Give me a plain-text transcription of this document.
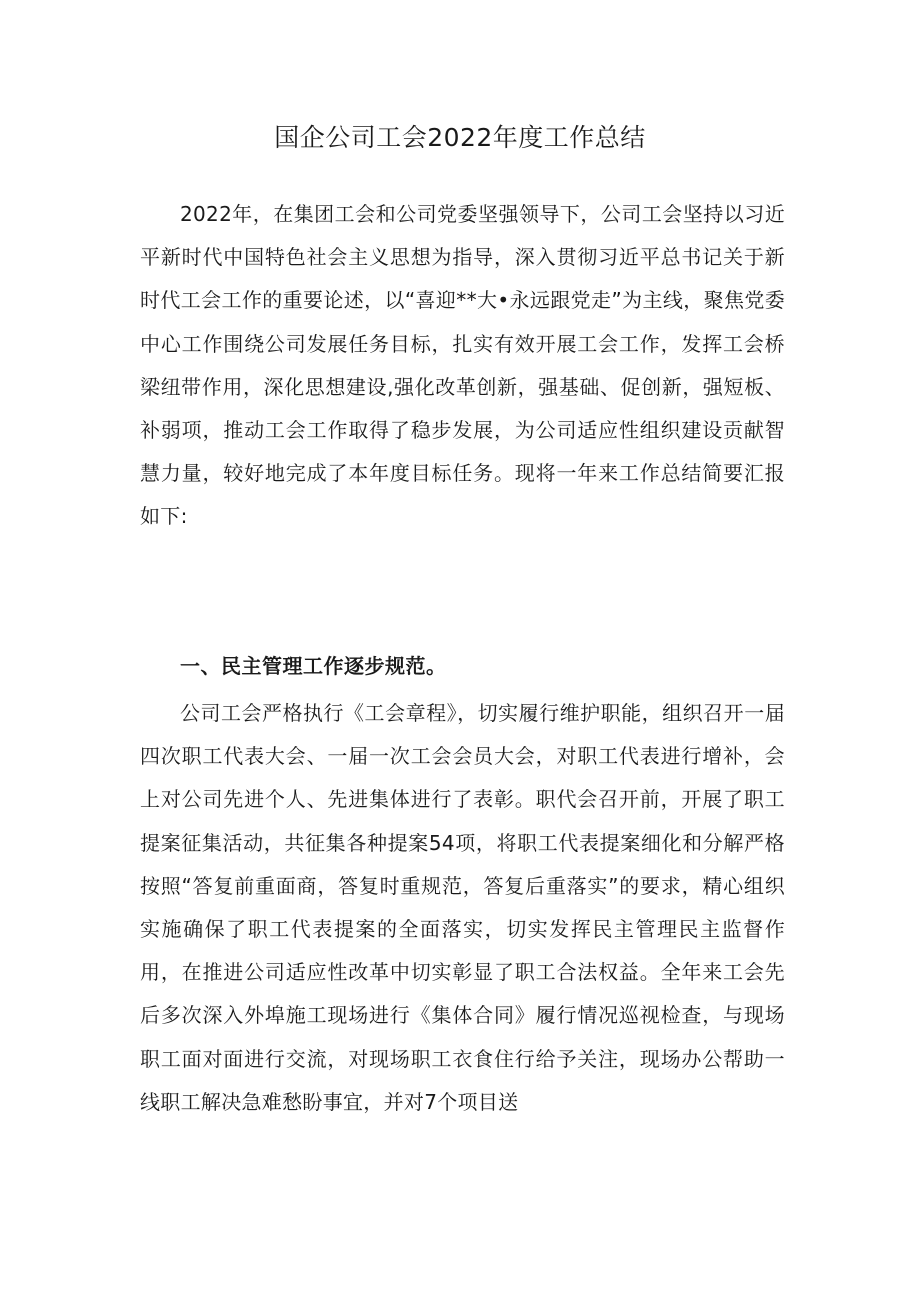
国企公司工会2022年度工作总结

2022年，在集团工会和公司党委坚强领导下，公司工会坚持以习近平新时代中国特色社会主义思想为指导，深入贯彻习近平总书记关于新时代工会工作的重要论述，以“喜迎**大•永远跟党走”为主线，聚焦党委中心工作围绕公司发展任务目标，扎实有效开展工会工作，发挥工会桥梁纽带作用，深化思想建设,强化改革创新，强基础、促创新，强短板、补弱项，推动工会工作取得了稳步发展，为公司适应性组织建设贡献智慧力量，较好地完成了本年度目标任务。现将一年来工作总结简要汇报如下:

一、民主管理工作逐步规范。

公司工会严格执行《工会章程》，切实履行维护职能，组织召开一届四次职工代表大会、一届一次工会会员大会，对职工代表进行增补，会上对公司先进个人、先进集体进行了表彰。职代会召开前，开展了职工提案征集活动，共征集各种提案54项，将职工代表提案细化和分解严格按照“答复前重面商，答复时重规范，答复后重落实”的要求，精心组织实施确保了职工代表提案的全面落实，切实发挥民主管理民主监督作用，在推进公司适应性改革中切实彰显了职工合法权益。全年来工会先后多次深入外埠施工现场进行《集体合同》履行情况巡视检查，与现场职工面对面进行交流，对现场职工衣食住行给予关注，现场办公帮助一线职工解决急难愁盼事宜，并对7个项目送
